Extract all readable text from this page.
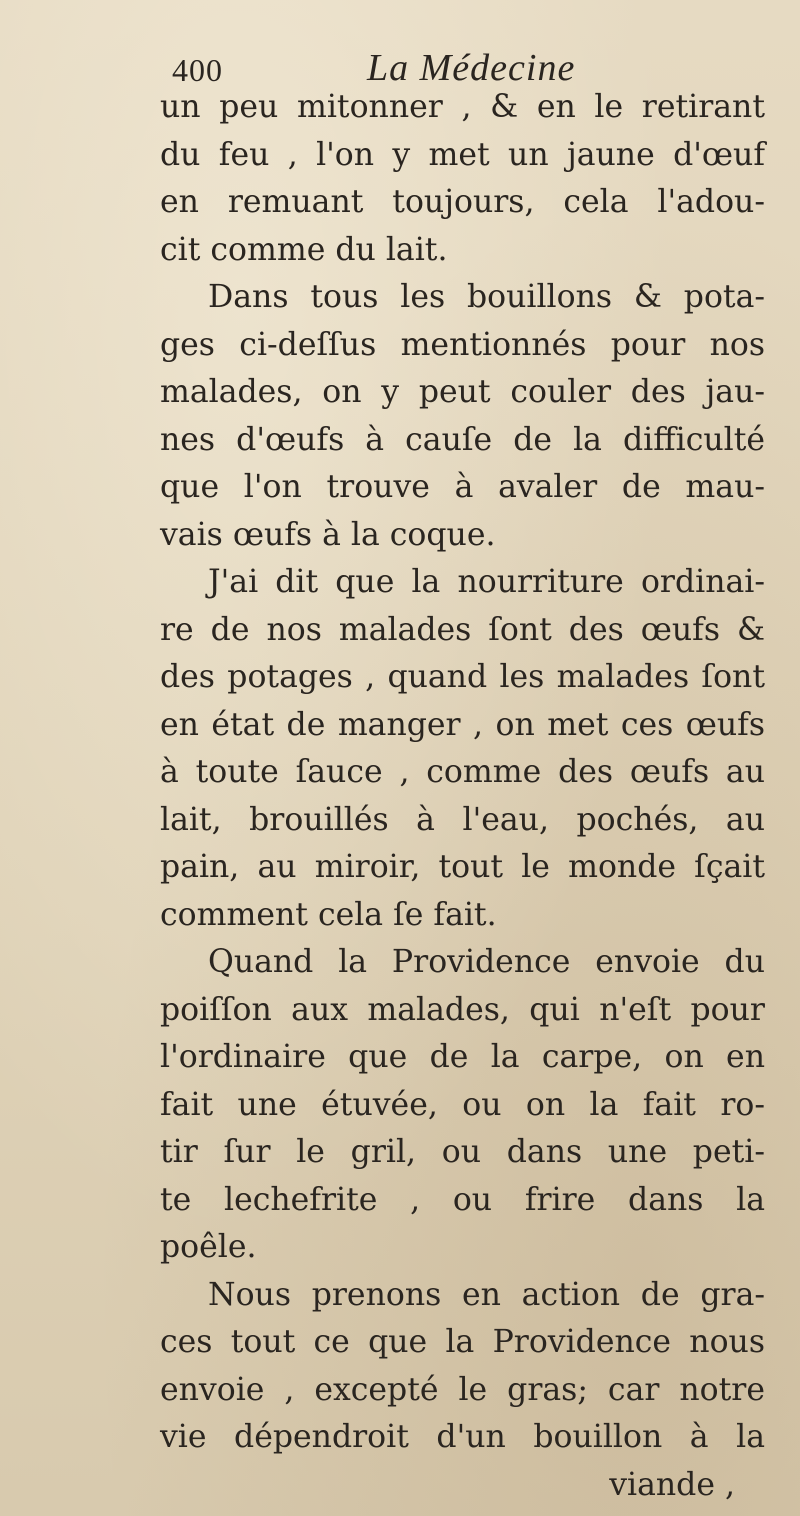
400	La Médecine
un peu mitonner , & en le retirant
du feu , l'on y met un jaune d'œuf
en remuant toujours, cela l'adou-
cit comme du lait.
Dans tous les bouillons & pota-
ges ci-deſſus mentionnés pour nos
malades, on y peut couler des jau-
nes d'œufs à cauſe de la difficulté
que l'on trouve à avaler de mau-
vais œufs à la coque.
J'ai dit que la nourriture ordinai-
re de nos malades ſont des œufs &
des potages , quand les malades ſont
en état de manger , on met ces œufs
à toute ſauce , comme des œufs au
lait, brouillés à l'eau, pochés, au
pain, au miroir, tout le monde ſçait
comment cela ſe fait.
Quand la Providence envoie du
poiſſon aux malades, qui n'eſt pour
l'ordinaire que de la carpe, on en
fait une étuvée, ou on la fait ro-
tir ſur le gril, ou dans une peti-
te lechefrite , ou frire dans la
poêle.
Nous prenons en action de gra-
ces tout ce que la Providence nous
envoie , excepté le gras; car notre
vie dépendroit d'un bouillon à la
viande ,
